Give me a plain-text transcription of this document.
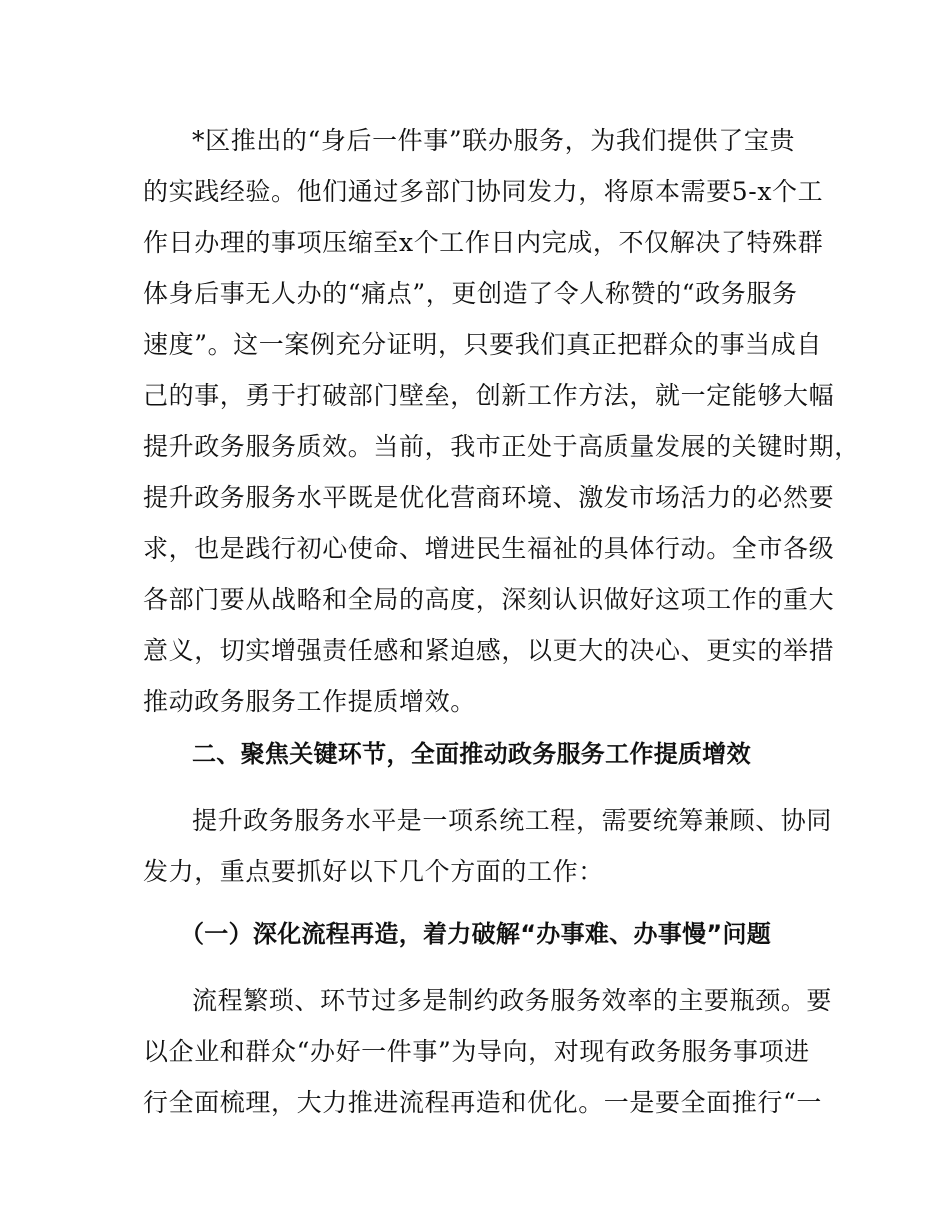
*区推出的“身后一件事”联办服务，为我们提供了宝贵
的实践经验。他们通过多部门协同发力，将原本需要5-x个工
作日办理的事项压缩至x个工作日内完成，不仅解决了特殊群
体身后事无人办的“痛点”，更创造了令人称赞的“政务服务
速度”。这一案例充分证明，只要我们真正把群众的事当成自
己的事，勇于打破部门壁垒，创新工作方法，就一定能够大幅
提升政务服务质效。当前，我市正处于高质量发展的关键时期，
提升政务服务水平既是优化营商环境、激发市场活力的必然要
求，也是践行初心使命、增进民生福祉的具体行动。全市各级
各部门要从战略和全局的高度，深刻认识做好这项工作的重大
意义，切实增强责任感和紧迫感，以更大的决心、更实的举措
推动政务服务工作提质增效。
二、聚焦关键环节，全面推动政务服务工作提质增效
提升政务服务水平是一项系统工程，需要统筹兼顾、协同
发力，重点要抓好以下几个方面的工作：
（一）深化流程再造，着力破解“办事难、办事慢”问题
流程繁琐、环节过多是制约政务服务效率的主要瓶颈。要
以企业和群众“办好一件事”为导向，对现有政务服务事项进
行全面梳理，大力推进流程再造和优化。一是要全面推行“一
